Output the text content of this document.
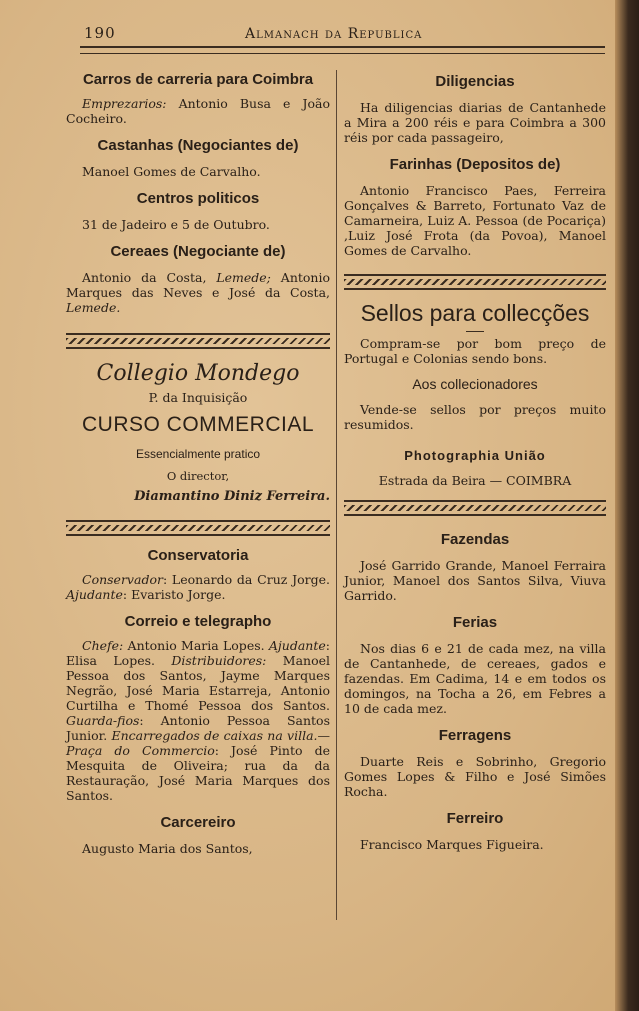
190	Almanach da Republica

Carros de carreria para Coimbra

Emprezarios: Antonio Busa e João Cocheiro.

Castanhas (Negociantes de)

Manoel Gomes de Carvalho.

Centros politicos

31 de Jadeiro e 5 de Outubro.

Cereaes (Negociante de)

Antonio da Costa, Lemede; Antonio Marques das Neves e José da Costa, Lemede.

Collegio Mondego

P. da Inquisição

CURSO COMMERCIAL

Essencialmente pratico

O director,

Diamantino Diniz Ferreira.

Conservatoria

Conservador: Leonardo da Cruz Jorge. Ajudante: Evaristo Jorge.

Correio e telegrapho

Chefe: Antonio Maria Lopes. Ajudante: Elisa Lopes. Distribuidores: Manoel Pessoa dos Santos, Jayme Marques Negrão, José Maria Estarreja, Antonio Curtilha e Thomé Pessoa dos Santos. Guarda-fios: Antonio Pessoa Santos Junior. Encarregados de caixas na villa.— Praça do Commercio: José Pinto de Mesquita de Oliveira; rua da da Restauração, José Maria Marques dos Santos.

Carcereiro

Augusto Maria dos Santos,

Diligencias

Ha diligencias diarias de Cantanhede a Mira a 200 réis e para Coimbra a 300 réis por cada passageiro,

Farinhas (Depositos de)

Antonio Francisco Paes, Ferreira Gonçalves & Barreto, Fortunato Vaz de Camarneira, Luiz A. Pessoa (de Pocariça) ,Luiz José Frota (da Povoa), Manoel Gomes de Carvalho.

Sellos para collecções

Compram-se por bom preço de Portugal e Colonias sendo bons.

Aos collecionadores

Vende-se sellos por preços muito resumidos.

Photographia União

Estrada da Beira — COIMBRA

Fazendas

José Garrido Grande, Manoel Ferraira Junior, Manoel dos Santos Silva, Viuva Garrido.

Ferias

Nos dias 6 e 21 de cada mez, na villa de Cantanhede, de cereaes, gados e fazendas. Em Cadima, 14 e em todos os domingos, na Tocha a 26, em Febres a 10 de cada mez.

Ferragens

Duarte Reis e Sobrinho, Gregorio Gomes Lopes & Filho e José Simões Rocha.

Ferreiro

Francisco Marques Figueira.
